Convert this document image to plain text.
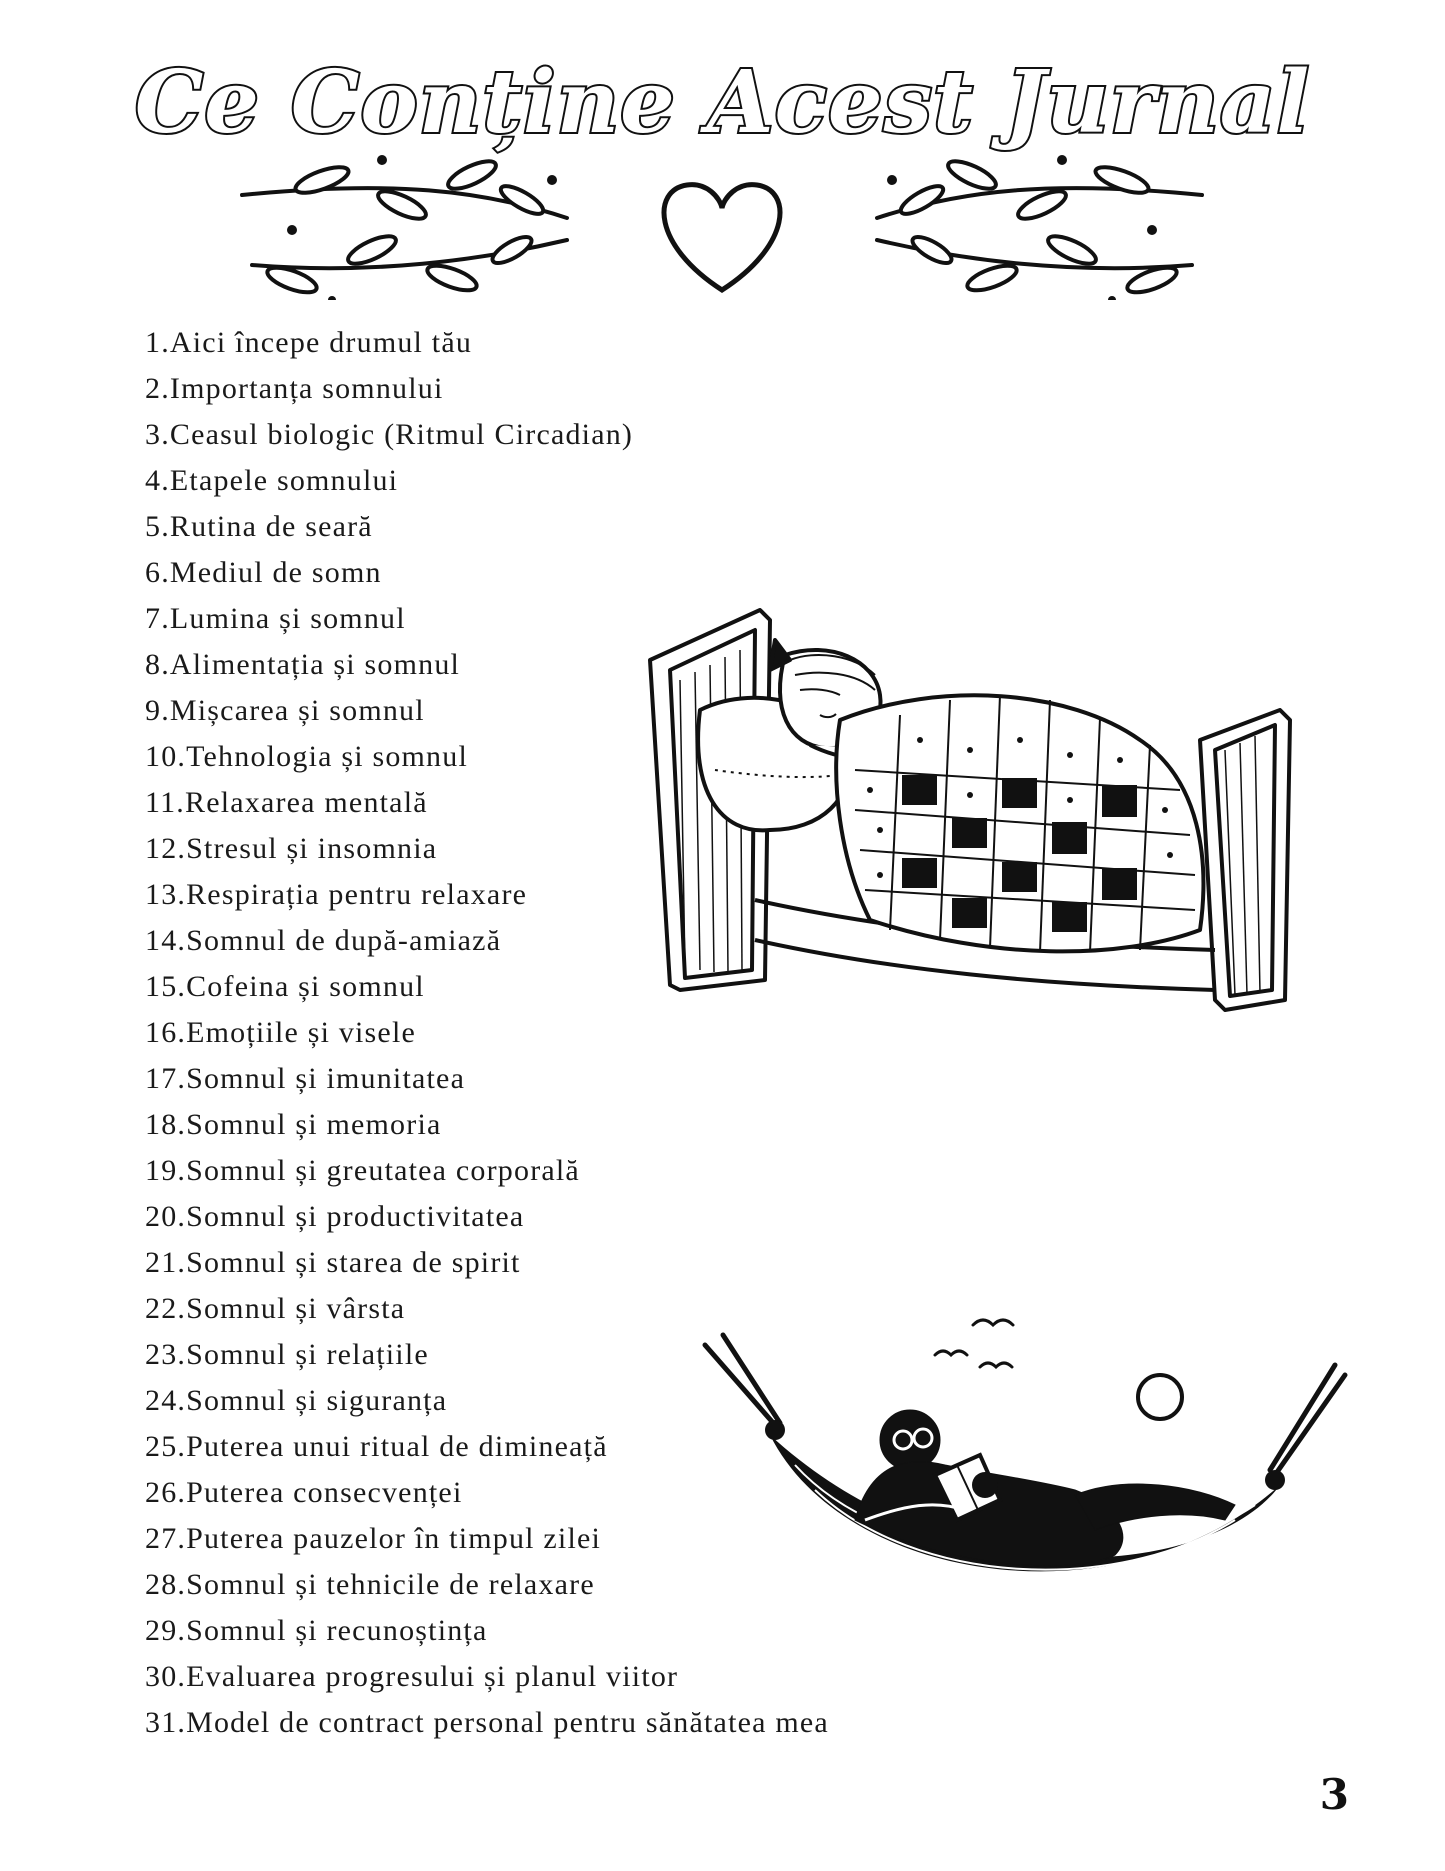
Ce Conține Acest Jurnal
1.Aici începe drumul tău
2.Importanța somnului
3.Ceasul biologic (Ritmul Circadian)
4.Etapele somnului
5.Rutina de seară
6.Mediul de somn
7.Lumina și somnul
8.Alimentația și somnul
9.Mișcarea și somnul
10.Tehnologia și somnul
11.Relaxarea mentală
12.Stresul și insomnia
13.Respirația pentru relaxare
14.Somnul de după-amiază
15.Cofeina și somnul
16.Emoțiile și visele
17.Somnul și imunitatea
18.Somnul și memoria
19.Somnul și greutatea corporală
20.Somnul și productivitatea
21.Somnul și starea de spirit
22.Somnul și vârsta
23.Somnul și relațiile
24.Somnul și siguranța
25.Puterea unui ritual de dimineață
26.Puterea consecvenței
27.Puterea pauzelor în timpul zilei
28.Somnul și tehnicile de relaxare
29.Somnul și recunoștința
30.Evaluarea progresului și planul viitor
31.Model de contract personal pentru sănătatea mea
3
